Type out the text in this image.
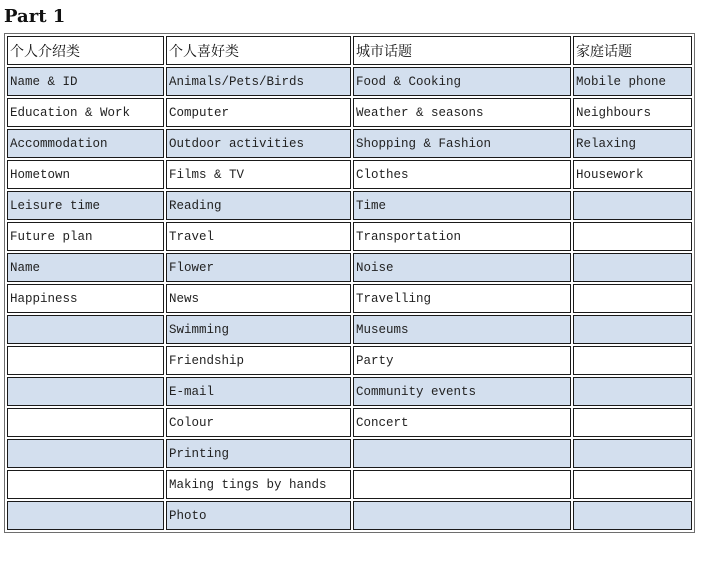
Part 1
个人介绍类	个人喜好类	城市话题	家庭话题
Name & ID	Animals/Pets/Birds	Food & Cooking	Mobile phone
Education & Work	Computer	Weather & seasons	Neighbours
Accommodation	Outdoor activities	Shopping & Fashion	Relaxing
Hometown	Films & TV	Clothes	Housework
Leisure time	Reading	Time	
Future plan	Travel	Transportation	
Name	Flower	Noise	
Happiness	News	Travelling	
	Swimming	Museums	
	Friendship	Party	
	E-mail	Community events	
	Colour	Concert	
	Printing		
	Making tings by hands		
	Photo		
